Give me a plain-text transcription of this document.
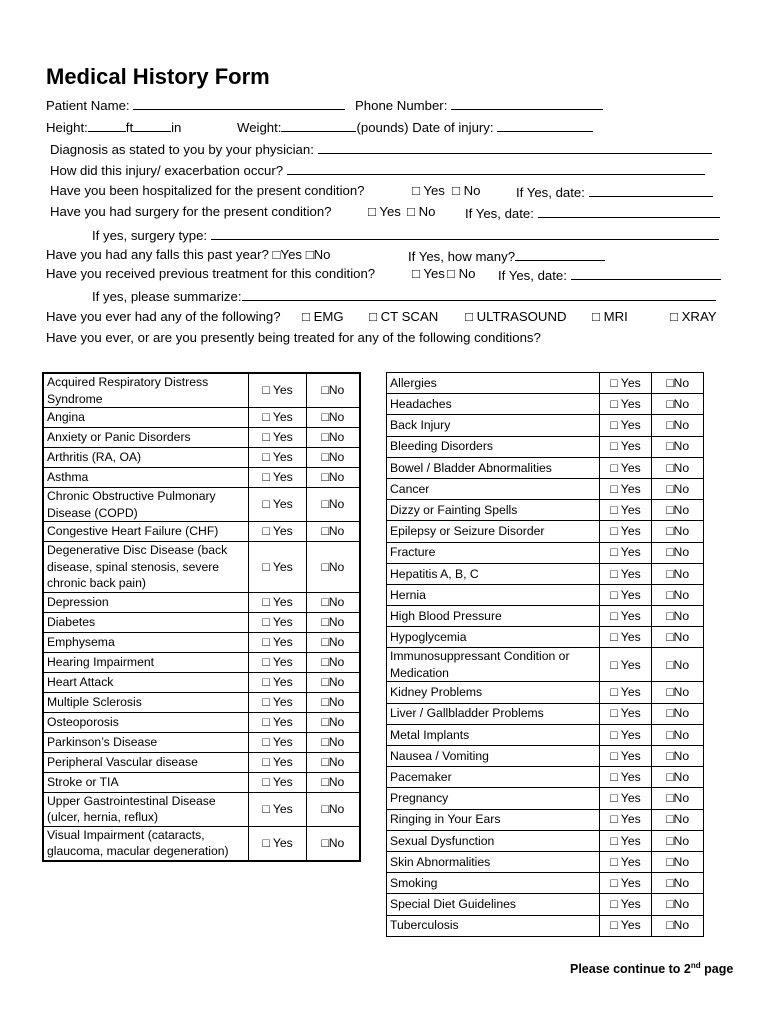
Medical History Form
Patient Name:	Phone Number:
Height:	ft	in	Weight:	(pounds) Date of injury:
Diagnosis as stated to you by your physician:
How did this injury/ exacerbation occur?
Have you been hospitalized for the present condition?	□ Yes □ No	If Yes, date:
Have you had surgery for the present condition?	□ Yes □ No If Yes, date:
If yes, surgery type:
Have you had any falls this past year? □Yes □No	If Yes, how many?
Have you received previous treatment for this condition?	□ Yes □ No If Yes, date:
If yes, please summarize:
Have you ever had any of the following? □ EMG □ CT SCAN □ ULTRASOUND □ MRI	□ XRAY
Have you ever, or are you presently being treated for any of the following conditions?
Acquired Respiratory Distress Syndrome	□ Yes	□No
Angina	□ Yes	□No
Anxiety or Panic Disorders	□ Yes	□No
Arthritis (RA, OA)	□ Yes	□No
Asthma	□ Yes	□No
Chronic Obstructive Pulmonary Disease (COPD)	□ Yes	□No
Congestive Heart Failure (CHF)	□ Yes	□No
Degenerative Disc Disease (back disease, spinal stenosis, severe chronic back pain)	□ Yes	□No
Depression	□ Yes	□No
Diabetes	□ Yes	□No
Emphysema	□ Yes	□No
Hearing Impairment	□ Yes	□No
Heart Attack	□ Yes	□No
Multiple Sclerosis	□ Yes	□No
Osteoporosis	□ Yes	□No
Parkinson’s Disease	□ Yes	□No
Peripheral Vascular disease	□ Yes	□No
Stroke or TIA	□ Yes	□No
Upper Gastrointestinal Disease (ulcer, hernia, reflux)	□ Yes	□No
Visual Impairment (cataracts, glaucoma, macular degeneration)	□ Yes	□No
Allergies	□ Yes	□No
Headaches	□ Yes	□No
Back Injury	□ Yes	□No
Bleeding Disorders	□ Yes	□No
Bowel / Bladder Abnormalities	□ Yes	□No
Cancer	□ Yes	□No
Dizzy or Fainting Spells	□ Yes	□No
Epilepsy or Seizure Disorder	□ Yes	□No
Fracture	□ Yes	□No
Hepatitis A, B, C	□ Yes	□No
Hernia	□ Yes	□No
High Blood Pressure	□ Yes	□No
Hypoglycemia	□ Yes	□No
Immunosuppressant Condition or Medication	□ Yes	□No
Kidney Problems	□ Yes	□No
Liver / Gallbladder Problems	□ Yes	□No
Metal Implants	□ Yes	□No
Nausea / Vomiting	□ Yes	□No
Pacemaker	□ Yes	□No
Pregnancy	□ Yes	□No
Ringing in Your Ears	□ Yes	□No
Sexual Dysfunction	□ Yes	□No
Skin Abnormalities	□ Yes	□No
Smoking	□ Yes	□No
Special Diet Guidelines	□ Yes	□No
Tuberculosis	□ Yes	□No
Please continue to 2nd page
